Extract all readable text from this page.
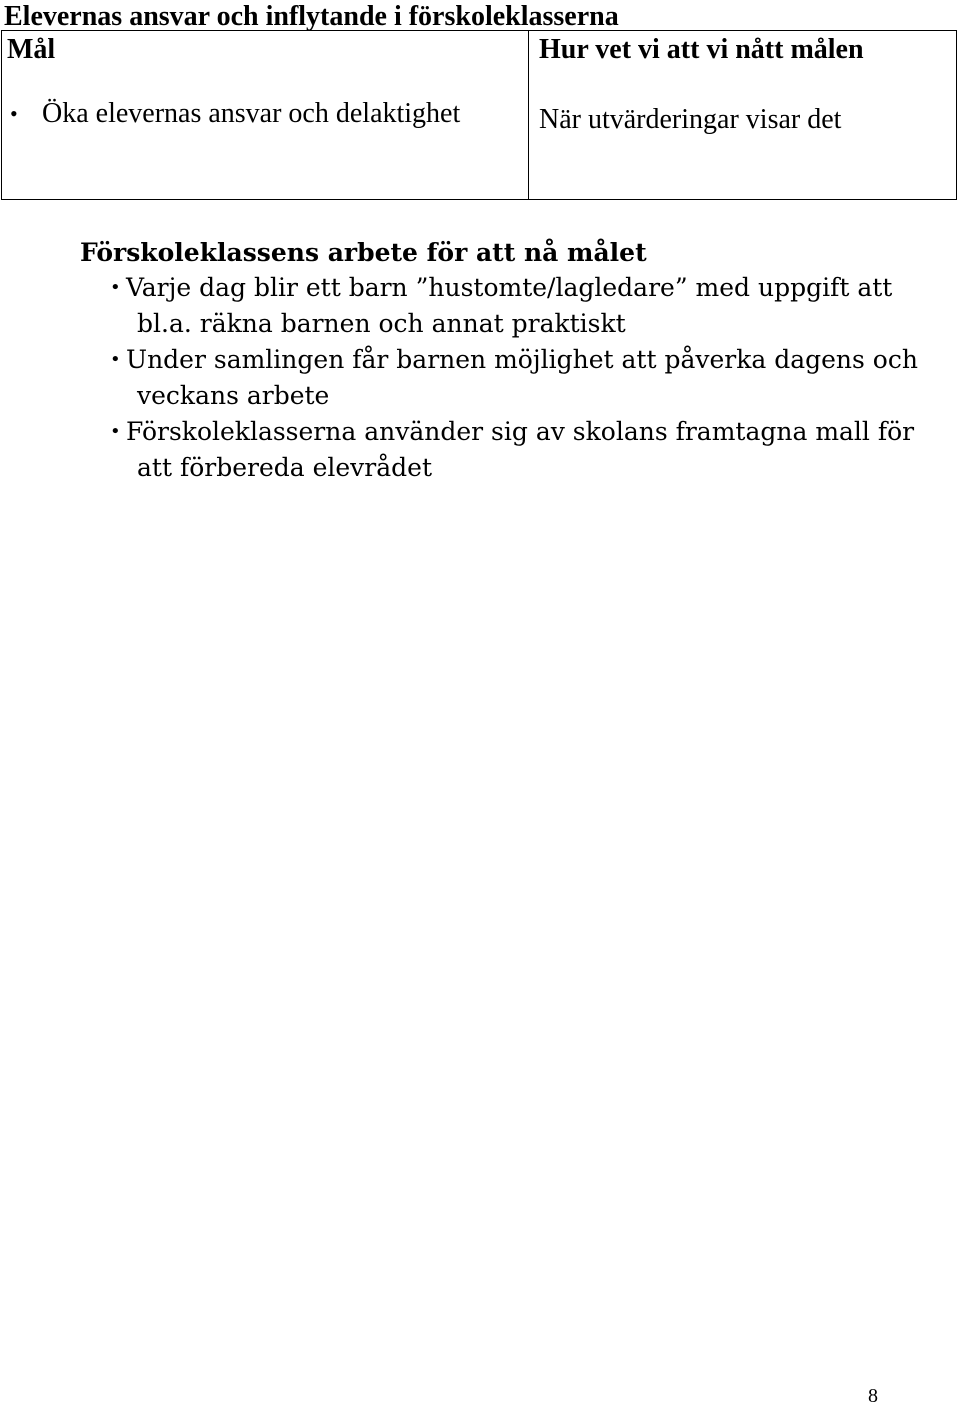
Elevernas ansvar och inflytande i förskoleklasserna
Mål
• Öka elevernas ansvar och delaktighet
Hur vet vi att vi nått målen
När utvärderingar visar det
Förskoleklassens arbete för att nå målet
• Varje dag blir ett barn ”hustomte/lagledare” med uppgift att bl.a. räkna barnen och annat praktiskt
• Under samlingen får barnen möjlighet att påverka dagens och veckans arbete
• Förskoleklasserna använder sig av skolans framtagna mall för att förbereda elevrådet
8
